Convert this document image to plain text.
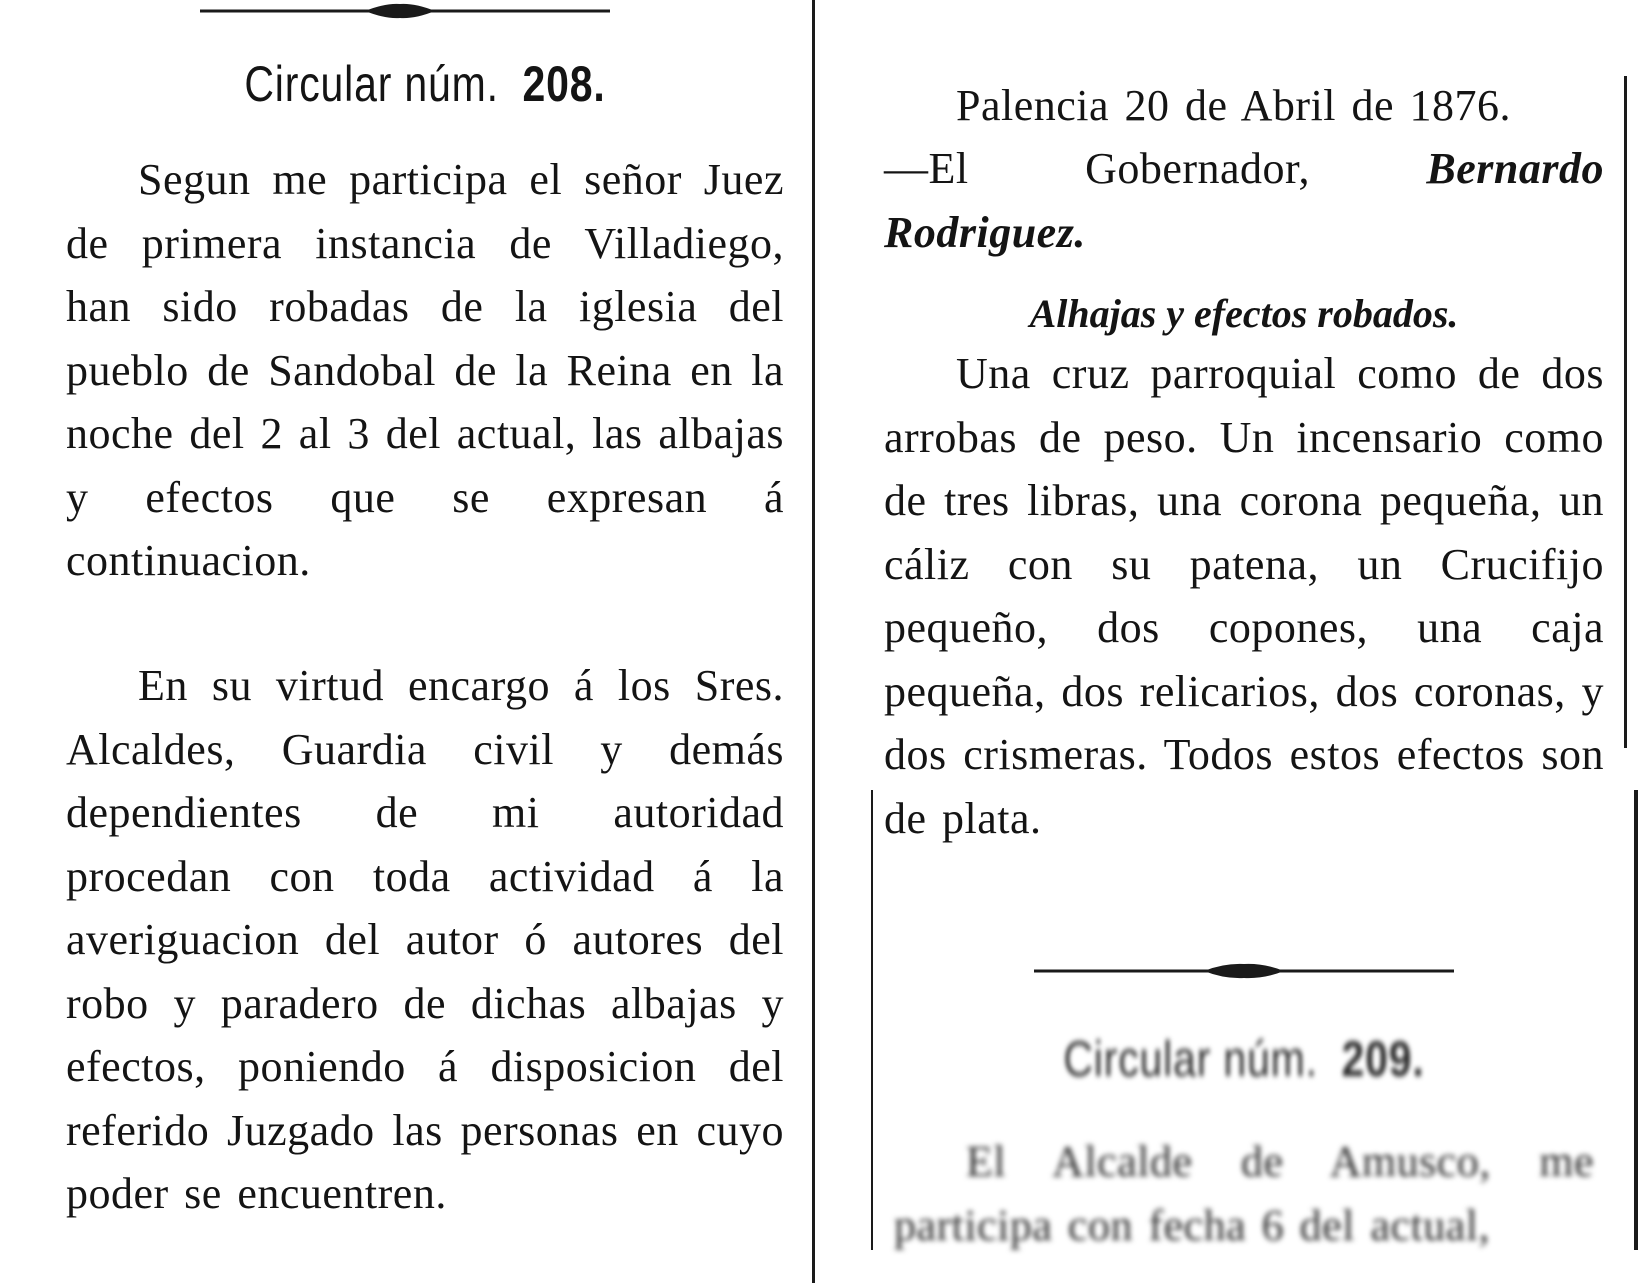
Circular núm. 208.
Segun me participa el señor Juez de primera instancia de Villadiego, han sido robadas de la iglesia del pueblo de Sandobal de la Reina en la noche del 2 al 3 del actual, las albajas y efectos que se expresan á continuacion.
En su virtud encargo á los Sres. Alcaldes, Guardia civil y demás dependientes de mi autoridad procedan con toda actividad á la averiguacion del autor ó autores del robo y paradero de dichas albajas y efectos, poniendo á disposicion del referido Juzgado las personas en cuyo poder se encuentren.
Palencia 20 de Abril de 1876.
—El Gobernador,	Bernardo Rodriguez.
Alhajas y efectos robados.
Una cruz parroquial como de dos arrobas de peso. Un incensario como de tres libras, una corona pequeña, un cáliz con su patena, un Crucifijo pequeño, dos copones, una caja pequeña, dos relicarios, dos coronas, y dos crismeras. Todos estos efectos son de plata.
Circular núm. 209.
El Alcalde de Amusco, me participa con fecha 6 del actual,
